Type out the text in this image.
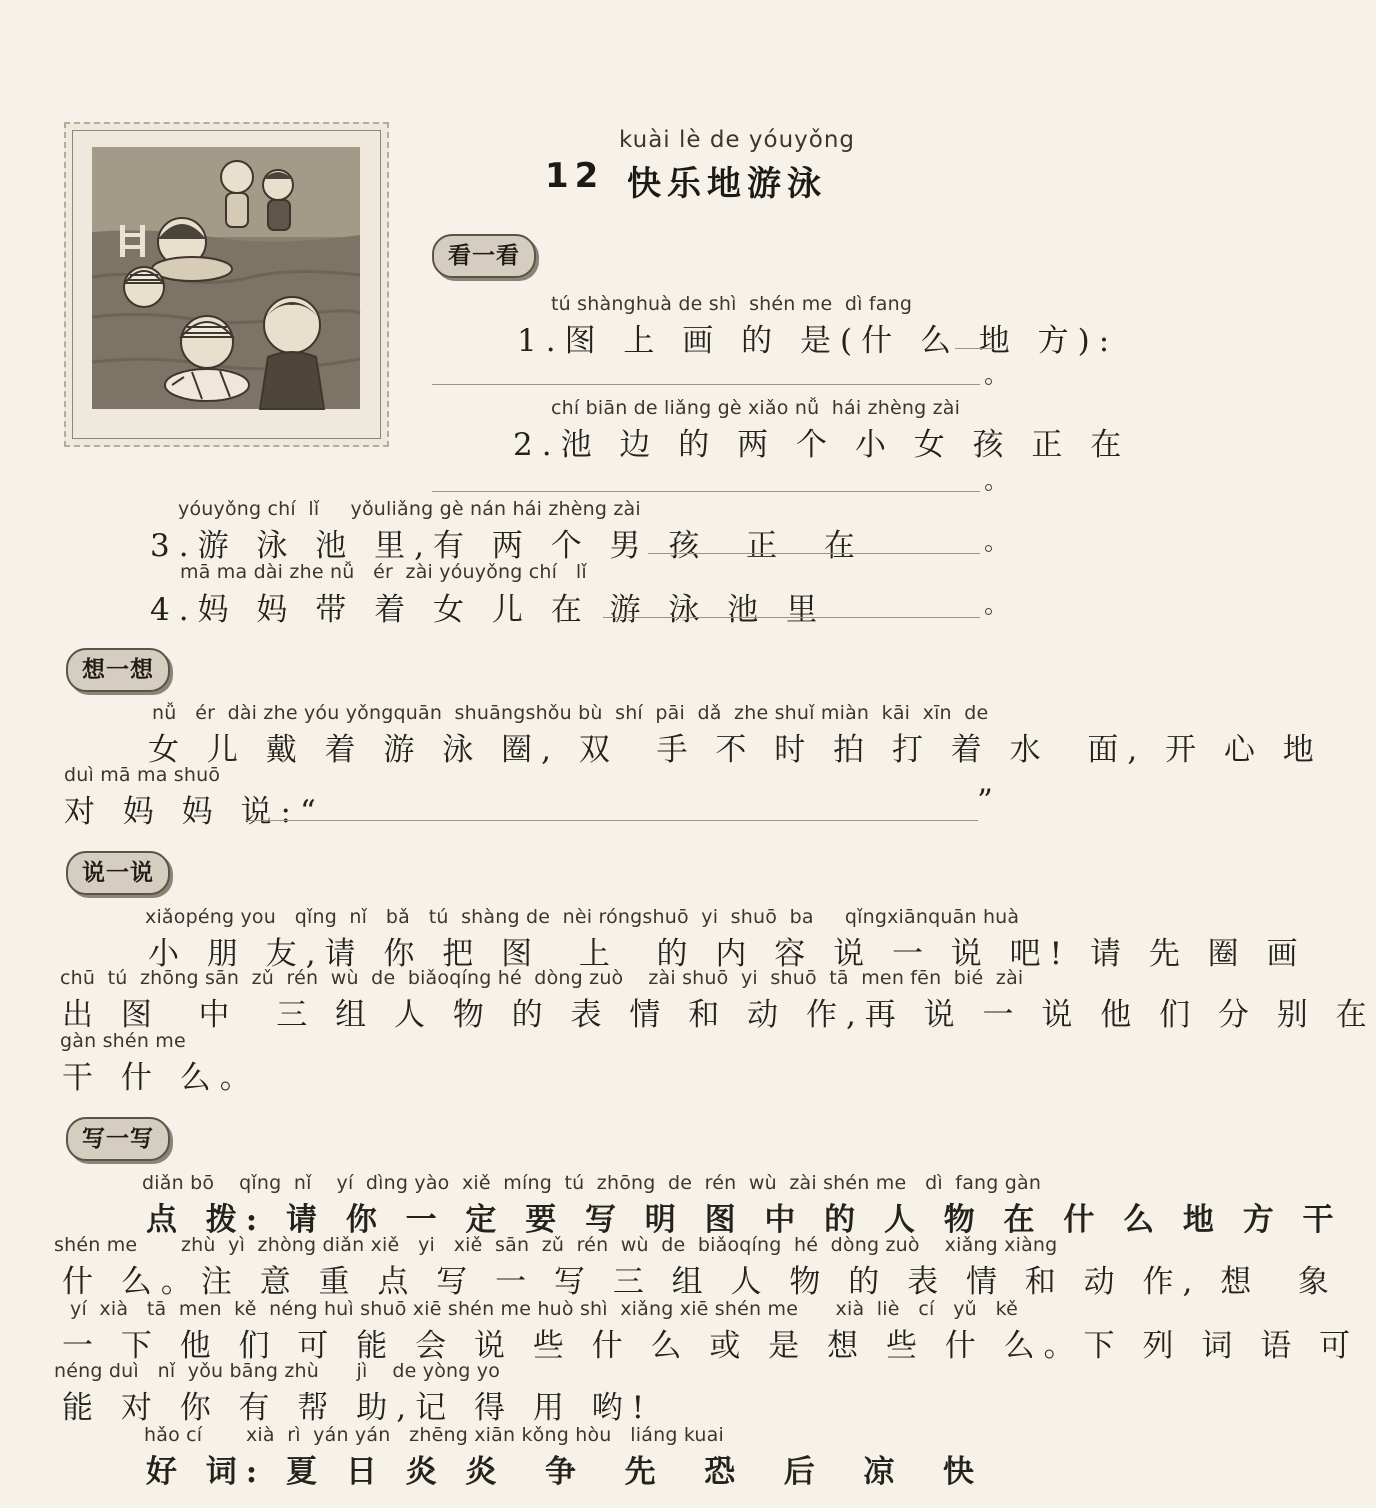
kuài lè de yóuyǒng
12 快乐地游泳
看一看
tú shànghuà de shì  shén me  dì fang
1.图 上 画 的 是(什 么 地 方):
chí biān de liǎng gè xiǎo nǚ  hái zhèng zài
2.池 边 的 两 个 小 女 孩 正 在
yóuyǒng chí  lǐ     yǒuliǎng gè nán hái zhèng zài
3.游 泳 池 里,有 两 个 男 孩  正  在
mā ma dài zhe nǚ   ér  zài yóuyǒng chí   lǐ
4.妈 妈 带 着 女 儿 在 游 泳 池 里
想一想
nǚ   ér  dài zhe yóu yǒngquān  shuāngshǒu bù  shí  pāi  dǎ  zhe shuǐ miàn  kāi  xīn  de
女 儿 戴 着 游 泳 圈, 双  手 不 时 拍 打 着 水  面, 开 心 地
duì mā ma shuō
对 妈 妈 说:“	”
说一说
xiǎopéng you   qǐng  nǐ   bǎ   tú  shàng de  nèi róngshuō  yi  shuō  ba     qǐngxiānquān huà
小 朋 友,请 你 把 图  上  的 内 容 说 一 说 吧! 请 先 圈 画
chū  tú  zhōng sān  zǔ  rén  wù  de  biǎoqíng hé  dòng zuò    zài shuō  yi  shuō  tā  men fēn  bié  zài
出 图  中  三 组 人 物 的 表 情 和 动 作,再 说 一 说 他 们 分 别 在
gàn shén me
干 什 么。
写一写
diǎn bō    qǐng  nǐ    yí  dìng yào  xiě  míng  tú  zhōng  de  rén  wù  zài shén me   dì  fang gàn
点 拨: 请 你 一 定 要 写 明 图 中 的 人 物 在 什 么 地 方 干
shén me       zhù  yì  zhòng diǎn xiě   yi   xiě  sān  zǔ  rén  wù  de  biǎoqíng  hé  dòng zuò    xiǎng xiàng
什 么。注 意 重 点 写 一 写 三 组 人 物 的 表 情 和 动 作, 想  象
yí  xià   tā  men  kě  néng huì shuō xiē shén me huò shì  xiǎng xiē shén me      xià  liè   cí   yǔ   kě
一 下 他 们 可 能 会 说 些 什 么 或 是 想 些 什 么。下 列 词 语 可
néng duì   nǐ  yǒu bāng zhù      jì    de yòng yo
能 对 你 有 帮 助,记 得 用 哟!
hǎo cí       xià  rì  yán yán   zhēng xiān kǒng hòu   liáng kuai
好 词: 夏 日 炎 炎  争  先  恐  后  凉  快
